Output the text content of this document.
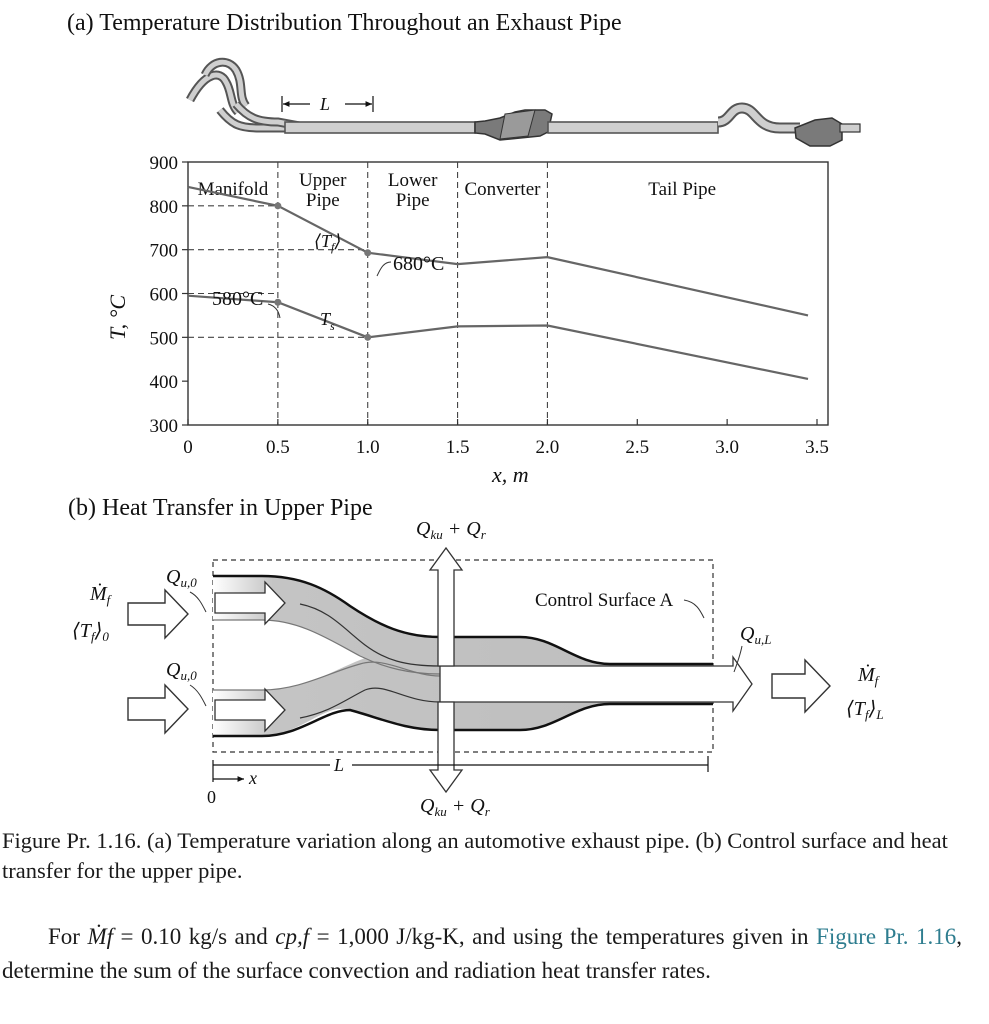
(a) Temperature Distribution Throughout an Exhaust Pipe
L
300
400
500
600
700
800
900
0	0.5	1.0	1.5	2.0	2.5	3.0	3.5
Manifold Upper Pipe
Lower Pipe
Converter	Tail Pipe
T, °C
x, m
680°C
580°C
$⟨T_f⟩$
$T_s$
(b) Heat Transfer in Upper Pipe
$Q_{ku} + Q_r$
$Q_{ku} + Q_r$
$Q_{u,0}$
$Q_{u,0}$
$Q_{u,L}$
Ṁ$_f$
$⟨T_f⟩_0$
Ṁ$_f$
$⟨T_f⟩_L$
Control Surface A
x
0
L
Figure Pr. 1.16. (a) Temperature variation along an automotive exhaust pipe. (b) Control surface and heat transfer for the upper pipe.
For Ṁf = 0.10 kg/s and cp,f = 1,000 J/kg-K, and using the temperatures given in Figure Pr. 1.16, determine the sum of the surface convection and radiation heat transfer rates.
